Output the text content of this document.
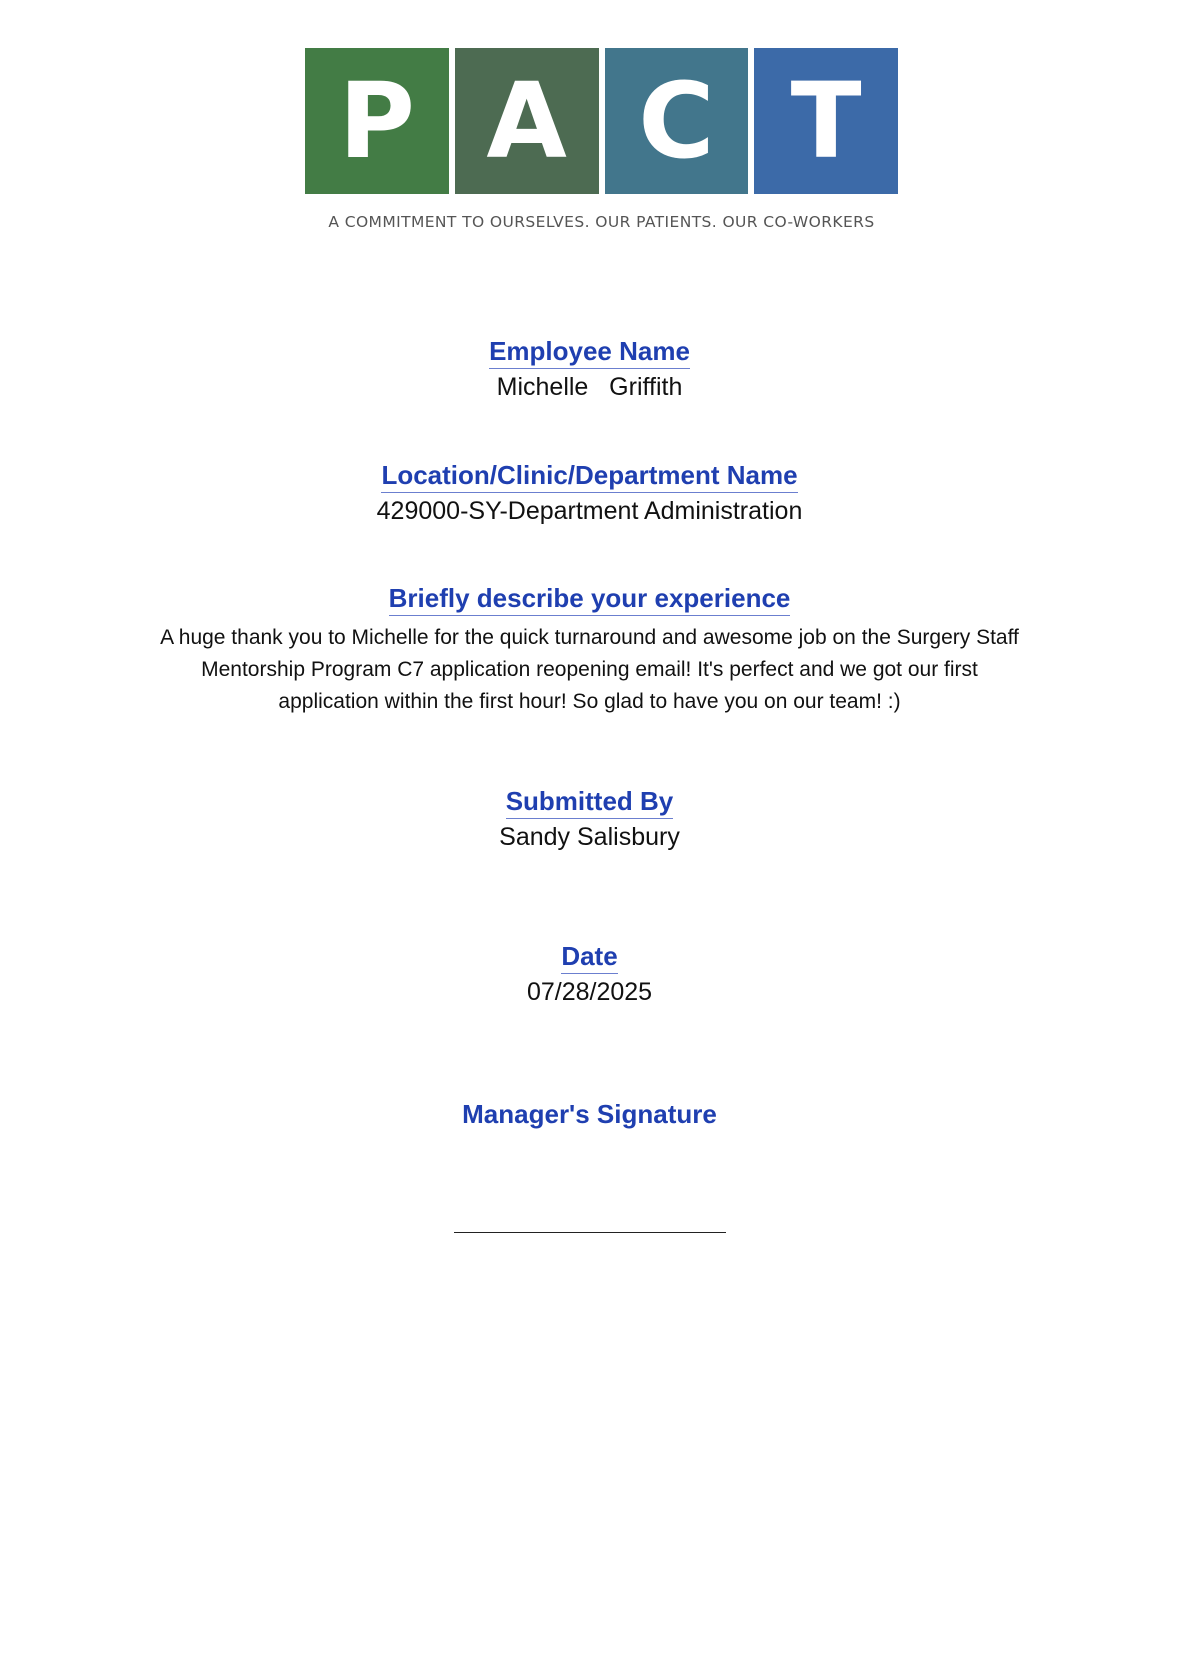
P A C T
A COMMITMENT TO OURSELVES. OUR PATIENTS. OUR CO-WORKERS
Employee Name
Michelle   Griffith
Location/Clinic/Department Name
429000-SY-Department Administration
Briefly describe your experience
A huge thank you to Michelle for the quick turnaround and awesome job on the Surgery Staff Mentorship Program C7 application reopening email! It's perfect and we got our first application within the first hour! So glad to have you on our team! :)
Submitted By
Sandy Salisbury
Date
07/28/2025
Manager's Signature
